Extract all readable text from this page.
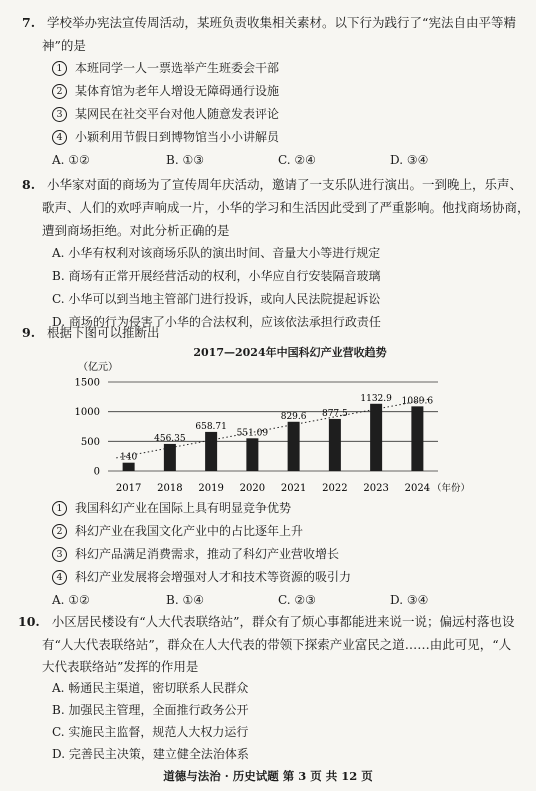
7. 学校举办宪法宣传周活动，某班负责收集相关素材。以下行为践行了“宪法自由平等精
神”的是
1 本班同学一人一票选举产生班委会干部
2 某体育馆为老年人增设无障碍通行设施
3 某网民在社交平台对他人随意发表评论
4 小颖利用节假日到博物馆当小小讲解员
A. ①②	B. ①③	C. ②④	D. ③④
8. 小华家对面的商场为了宣传周年庆活动，邀请了一支乐队进行演出。一到晚上，乐声、
歌声、人们的欢呼声响成一片，小华的学习和生活因此受到了严重影响。他找商场协商，
遭到商场拒绝。对此分析正确的是
A. 小华有权利对该商场乐队的演出时间、音量大小等进行规定
B. 商场有正常开展经营活动的权利，小华应自行安装隔音玻璃
C. 小华可以到当地主管部门进行投诉，或向人民法院提起诉讼
D. 商场的行为侵害了小华的合法权利，应该依法承担行政责任
9. 根据下图可以推断出
2017—2024年中国科幻产业营收趋势
（亿元）
0
500
1000
1500
140
456.35
658.71
551.09
829.6 877.5
1132.9 1089.6
2017 2018 2019 2020 2021 2022 2023 2024 （年份）
1 我国科幻产业在国际上具有明显竞争优势
2 科幻产业在我国文化产业中的占比逐年上升
3 科幻产品满足消费需求，推动了科幻产业营收增长
4 科幻产业发展将会增强对人才和技术等资源的吸引力
A. ①②	B. ①④	C. ②③	D. ③④
10. 小区居民楼设有“人大代表联络站”，群众有了烦心事都能进来说一说；偏远村落也设
有“人大代表联络站”，群众在人大代表的带领下探索产业富民之道……由此可见，“人
大代表联络站”发挥的作用是
A. 畅通民主渠道，密切联系人民群众
B. 加强民主管理，全面推行政务公开
C. 实施民主监督，规范人大权力运行
D. 完善民主决策，建立健全法治体系
道德与法治 · 历史试题 第 3 页 共 12 页
